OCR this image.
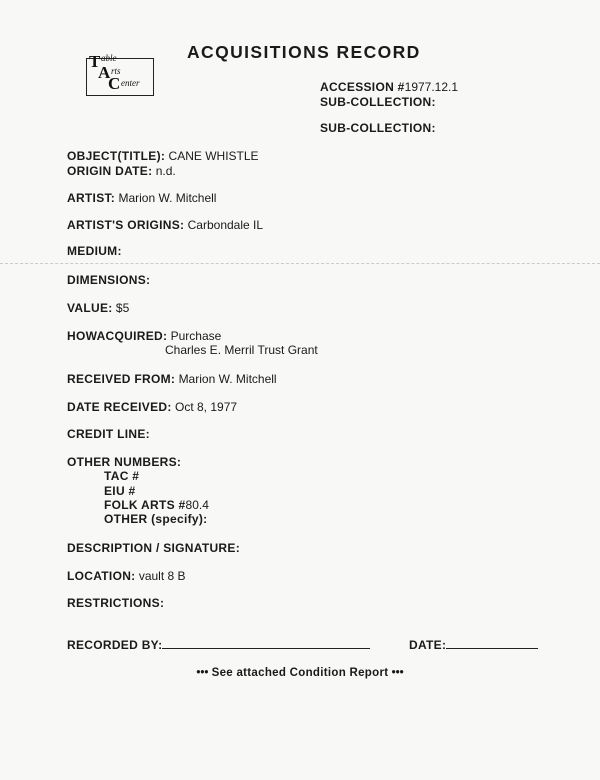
T able
A rts
C enter
ACQUISITIONS RECORD
ACCESSION #1977.12.1
SUB-COLLECTION:
SUB-COLLECTION:
OBJECT(TITLE): CANE WHISTLE
ORIGIN DATE: n.d.
ARTIST: Marion W. Mitchell
ARTIST'S ORIGINS: Carbondale IL
MEDIUM:
DIMENSIONS:
VALUE: $5
HOWACQUIRED: Purchase
Charles E. Merril Trust Grant
RECEIVED FROM: Marion W. Mitchell
DATE RECEIVED: Oct 8, 1977
CREDIT LINE:
OTHER NUMBERS:
TAC #
EIU #
FOLK ARTS #80.4
OTHER (specify):
DESCRIPTION / SIGNATURE:
LOCATION: vault 8 B
RESTRICTIONS:
RECORDED BY:	DATE:
••• See attached Condition Report •••
